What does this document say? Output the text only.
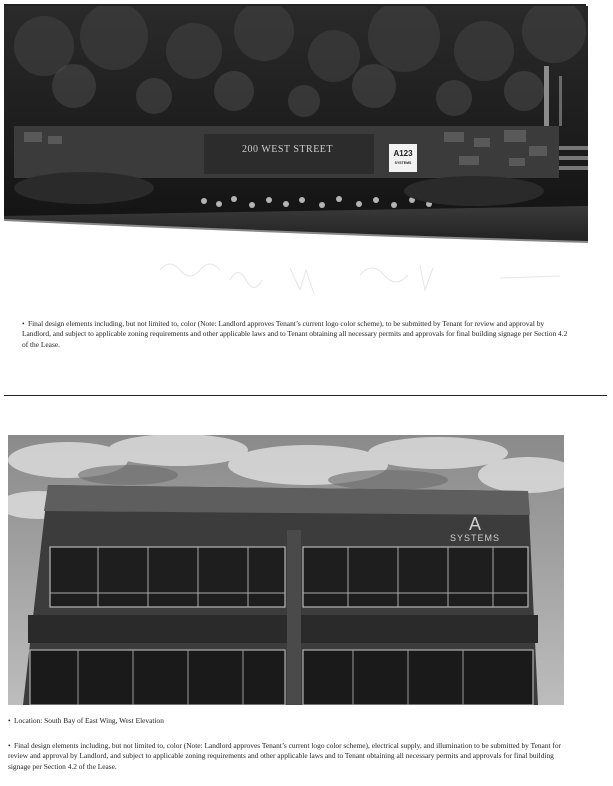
200 WEST STREET	A123
SYSTEMS
• Final design elements including, but not limited to, color (Note: Landlord approves Tenant’s current logo color scheme), to be submitted by Tenant for review and approval by Landlord, and subject to applicable zoning requirements and other applicable laws and to Tenant obtaining all necessary permits and approvals for final building signage per Section 4.2 of the Lease.
A
SYSTEMS
• Location: South Bay of East Wing, West Elevation
• Final design elements including, but not limited to, color (Note: Landlord approves Tenant’s current logo color scheme), electrical supply, and illumination to be submitted by Tenant for review and approval by Landlord, and subject to applicable zoning requirements and other applicable laws and to Tenant obtaining all necessary permits and approvals for final building signage per Section 4.2 of the Lease.
